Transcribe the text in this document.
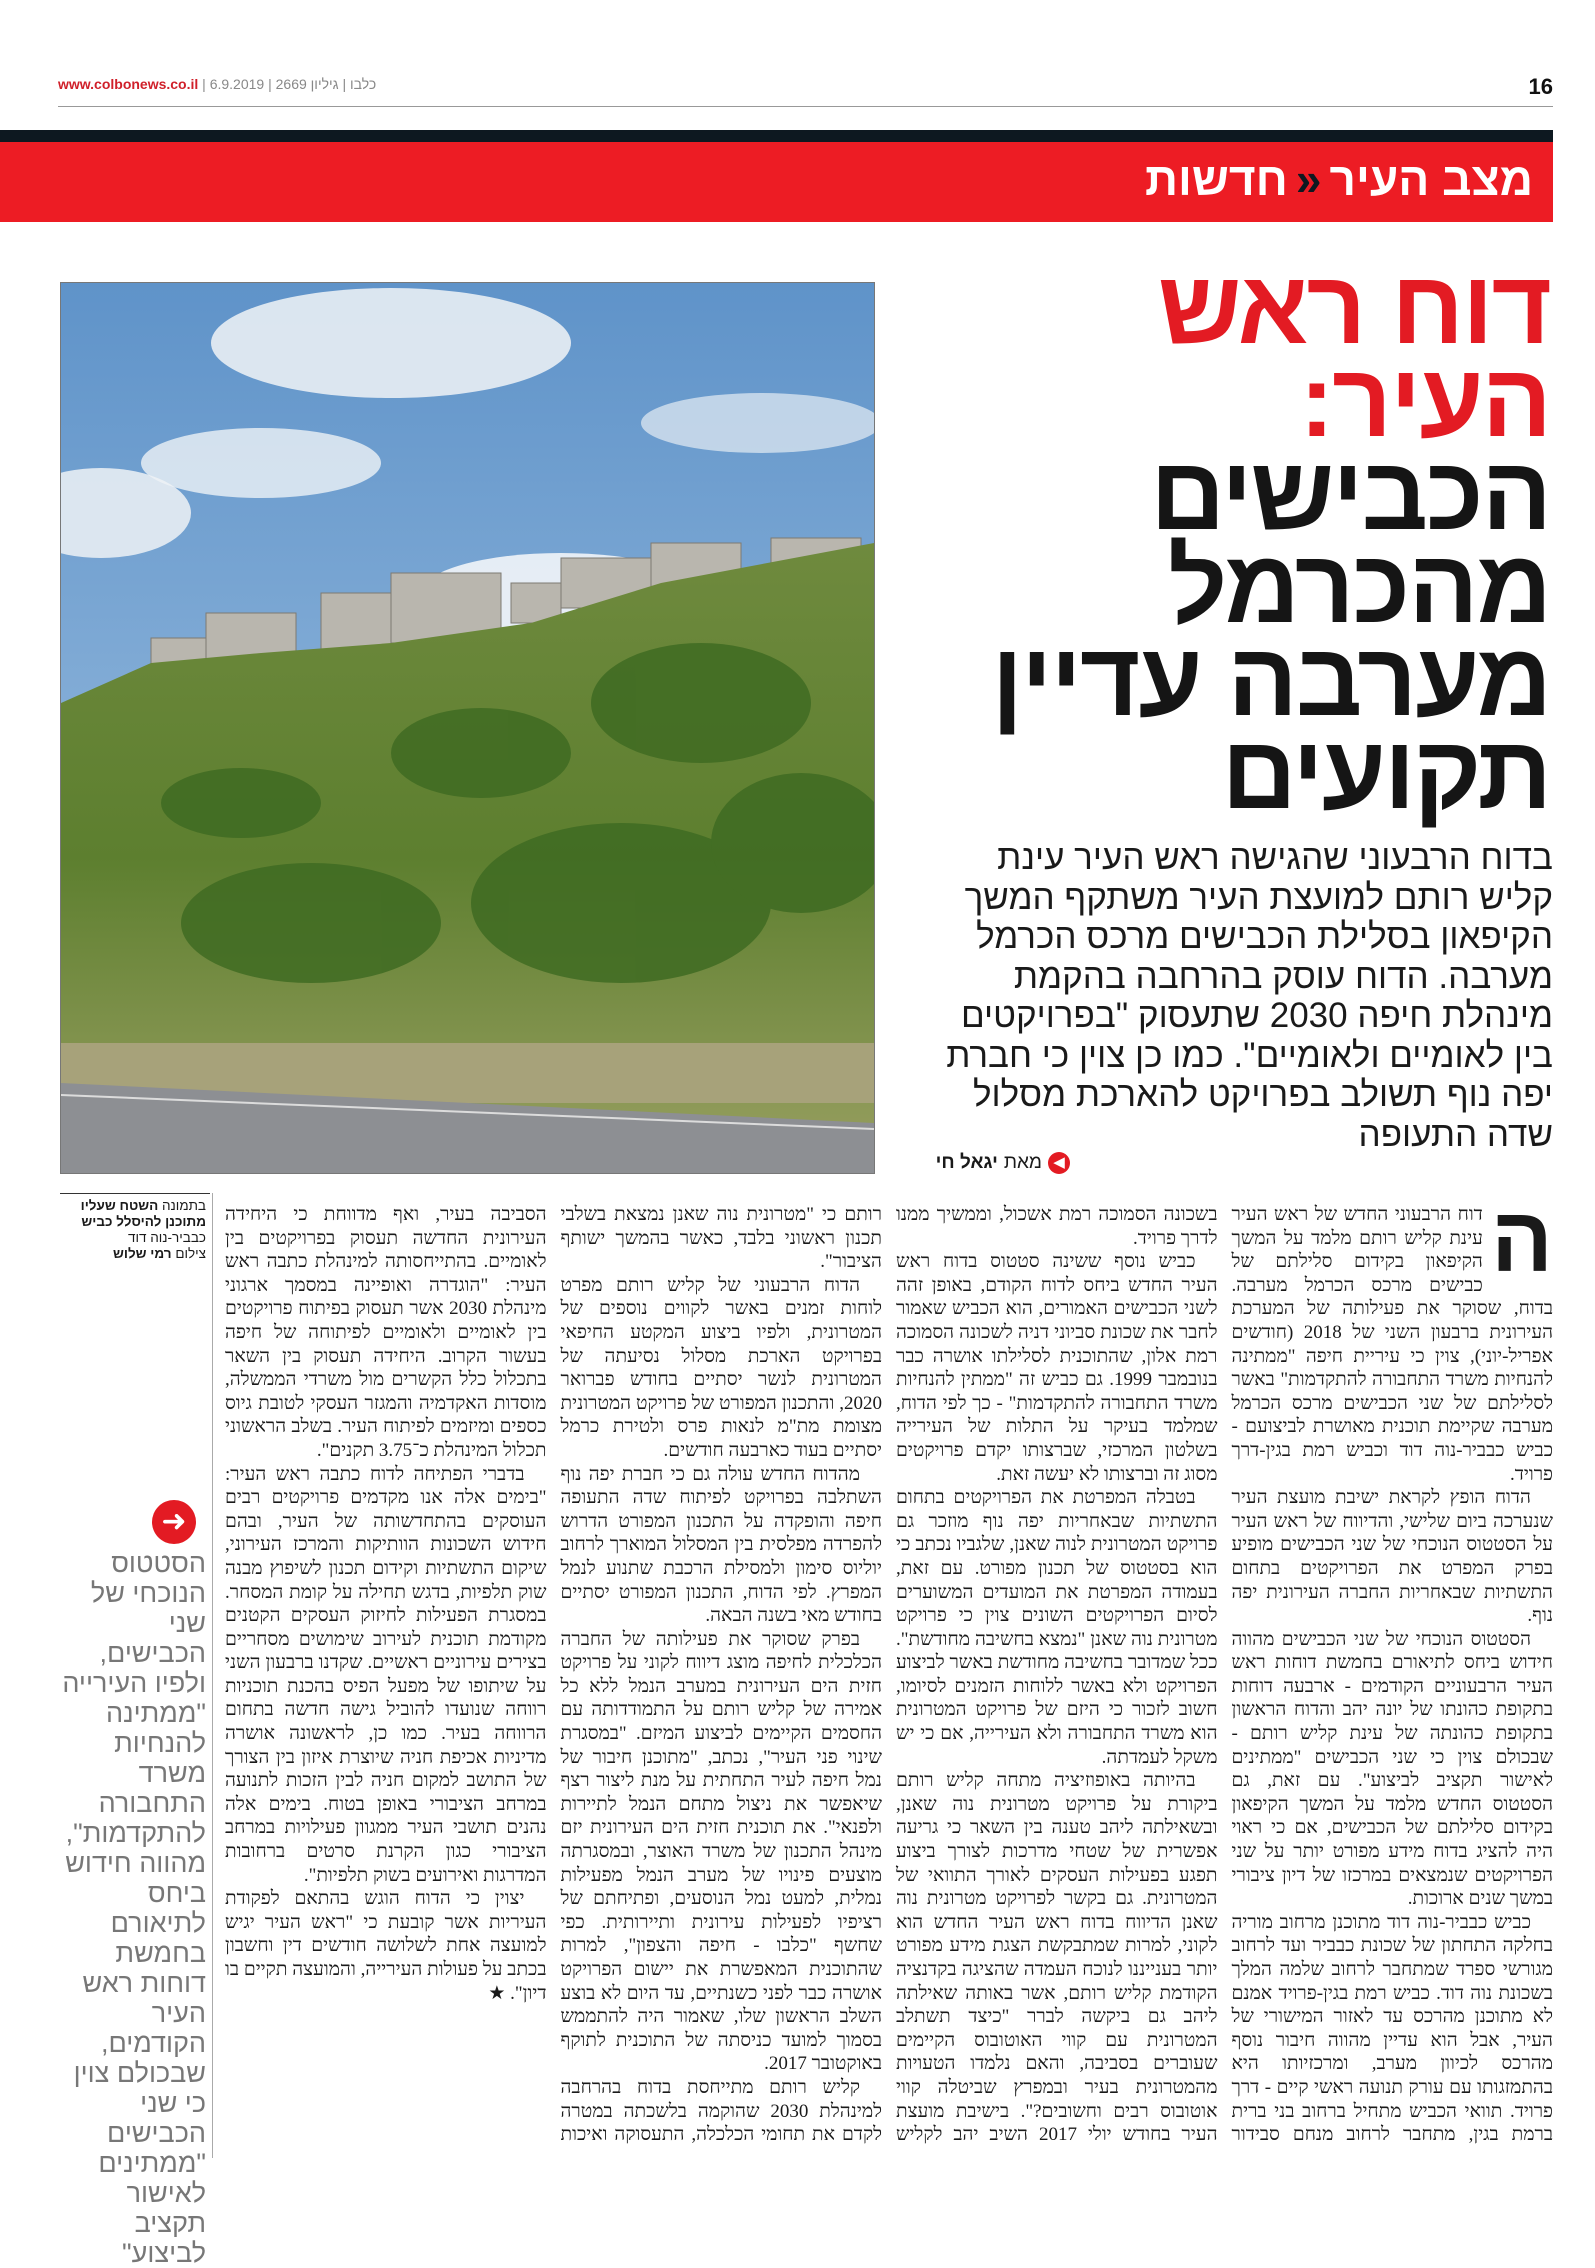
www.colbonews.co.il |	כלבו | גיליון 2669 | 6.9.2019	16
מצב העיר«חדשות
דוח ראש
העיר:
הכבישים
מהכרמל
מערבה עדיין
תקועים
בדוח הרבעוני שהגישה ראש העיר עינת קליש רותם למועצת העיר משתקף המשך הקיפאון בסלילת הכבישים מרכס הכרמל מערבה. הדוח עוסק בהרחבה בהקמת מינהלת חיפה 2030 שתעסוק "בפרויקטים בין לאומיים ולאומיים". כמו כן צוין כי חברת יפה נוף תשולב בפרויקט להארכת מסלול שדה התעופה
◀
מאת
יגאל חי

ה
דוח הרבעוני החדש של ראש העיר עינת קליש רותם מלמד על המשך הקיפאון בקידום סלילתם של כבישים מרכס הכרמל מערבה. בדוח, שסוקר את פעילותה של המערכת העירונית ברבעון השני של 2018 (חודשים אפריל-יוני), צוין כי עיריית חיפה "ממתינה להנחיות משרד התחבורה להתקדמות" באשר לסלילתם של שני הכבישים מרכס הכרמל מערבה שקיימת תוכנית מאושרת לביצועם - כביש כבביר-נוה דוד וכביש רמת בגין-דרך פרויד.

הדוח הופץ לקראת ישיבת מועצת העיר שנערכה ביום שלישי, והדיווח של ראש העיר על הסטטוס הנוכחי של שני הכבישים מופיע בפרק המפרט את הפרויקטים בתחום התשתיות שבאחריות החברה העירונית יפה נוף.

הסטטוס הנוכחי של שני הכבישים מהווה חידוש ביחס לתיאורם בחמשת דוחות ראש העיר הרבעוניים הקודמים - ארבעה דוחות בתקופת כהונתו של יונה יהב והדוח הראשון בתקופת כהונתה של עינת קליש רותם - שבכולם צוין כי שני הכבישים "ממתינים לאישור תקציב לביצוע". עם זאת, גם הסטטוס החדש מלמד על המשך הקיפאון בקידום סלילתם של הכבישים, אם כי ראוי היה להציג בדוח מידע מפורט יותר על שני הפרויקטים שנמצאים במרכזו של דיון ציבורי במשך שנים ארוכות.

כביש כבביר-נוה דוד מתוכנן מרחוב מוריה בחלקה התחתון של שכונת כבביר ועד לרחוב מגורשי ספרד שמתחבר לרחוב שלמה המלך בשכונת נוה דוד. כביש רמת בגין-פרויד אמנם לא מתוכנן מהרכס עד לאזור המישורי של העיר, אבל הוא עדיין מהווה חיבור נוסף מהרכס לכיוון מערב, ומרכזיותו היא בהתמזגותו עם עורק תנועה ראשי קיים - דרך פרויד. תוואי הכביש מתחיל ברחוב בני ברית ברמת בגין, מתחבר לרחוב מנחם סבידור בשכונה הסמוכה רמת אשכול, וממשיך ממנו לדרך פרויד.

כביש נוסף ששינה סטטוס בדוח ראש העיר החדש ביחס לדוח הקודם, באופן זהה לשני הכבישים האמורים, הוא הכביש שאמור לחבר את שכונת סביוני דניה לשכונה הסמוכה רמת אלון, שהתוכנית לסלילתו אושרה כבר בנובמבר 1999. גם כביש זה "ממתין להנחיות משרד התחבורה להתקדמות" - כך לפי הדוח, שמלמד בעיקר על התלות של העירייה בשלטון המרכזי, שברצותו יקדם פרויקטים מסוג זה וברצותו לא יעשה זאת.

בטבלה המפרטת את הפרויקטים בתחום התשתיות שבאחריות יפה נוף מוזכר גם פרויקט המטרונית לנוה שאנן, שלגביו נכתב כי הוא בסטטוס של תכנון מפורט. עם זאת, בעמודה המפרטת את המועדים המשוערים לסיום הפרויקטים השונים צוין כי פרויקט מטרונית נוה שאנן "נמצא בחשיבה מחודשת". ככל שמדובר בחשיבה מחודשת באשר לביצוע הפרויקט ולא באשר ללוחות הזמנים לסיומו, חשוב לזכור כי היזם של פרויקט המטרונית הוא משרד התחבורה ולא העירייה, אם כי יש משקל לעמדתה.

בהיותה באופוזיציה מתחה קליש רותם ביקורת על פרויקט מטרונית נוה שאנן, ובשאילתה ליהב טענה בין השאר כי גריעה אפשרית של שטחי מדרכות לצורך ביצוע תפגע בפעילות העסקים לאורך התוואי של המטרונית. גם בקשר לפרויקט מטרונית נוה שאנן הדיווח בדוח ראש העיר החדש הוא לקוני, למרות שמתבקשת הצגת מידע מפורט יותר בענייננו לנוכח העמדה שהציגה בקדנציה הקודמת קליש רותם, אשר באותה שאילתה ליהב גם ביקשה לברר "כיצד תשתלב המטרונית עם קווי האוטובוס הקיימים שעוברים בסביבה, והאם נלמדו הטעויות מהמטרונית בעיר ובמפרץ שביטלה קווי אוטובוס רבים וחשובים?". בישיבת מועצת העיר בחודש יולי 2017 השיב יהב לקליש רותם כי "מטרונית נוה שאנן נמצאת בשלבי תכנון ראשוני בלבד, כאשר בהמשך ישותף הציבור".

הדוח הרבעוני של קליש רותם מפרט לוחות זמנים באשר לקווים נוספים של המטרונית, ולפיו ביצוע המקטע החיפאי בפרויקט הארכת מסלול נסיעתה של המטרונית לנשר יסתיים בחודש פברואר 2020, והתכנון המפורט של פרויקט המטרונית מצומת מת"מ לנאות פרס ולטירת כרמל יסתיים בעוד כארבעה חודשים.

מהדוח החדש עולה גם כי חברת יפה נוף השתלבה בפרויקט לפיתוח שדה התעופה חיפה והופקדה על התכנון המפורט הדרוש להפרדה מפלסית בין המסלול המוארך לרחוב יוליוס סימון ולמסילת הרכבת שתנוע לנמל המפרץ. לפי הדוח, התכנון המפורט יסתיים בחודש מאי בשנה הבאה.

בפרק שסוקר את פעילותה של החברה הכלכלית לחיפה מוצג דיווח לקוני על פרויקט חזית הים העירונית במערב הנמל ללא כל אמירה של קליש רותם על התמודדותה עם החסמים הקיימים לביצוע המיזם. "במסגרת שינוי פני העיר", נכתב, "מתוכנן חיבור של נמל חיפה לעיר התחתית על מנת ליצור רצף שיאפשר את ניצול מתחם הנמל לתיירות ולפנאי". את תוכנית חזית הים העירונית יזם מינהל התכנון של משרד האוצר, ובמסגרתה מוצעים פינויו של מערב הנמל מפעילות נמלית, למעט נמל הנוסעים, ופתיחתם של רציפיו לפעילות עירונית ותיירותית. כפי שחשף "כלבו - חיפה והצפון", למרות שהתוכנית המאפשרת את יישום הפרויקט אושרה כבר לפני כשנתיים, עד היום לא בוצע השלב הראשון שלו, שאמור היה להתממש בסמוך למועד כניסתה של התוכנית לתוקף באוקטובר 2017.

קליש רותם מתייחסת בדוח בהרחבה למינהלת 2030 שהוקמה בלשכתה במטרה לקדם את תחומי הכלכלה, התעסוקה ואיכות הסביבה בעיר, ואף מדווחת כי היחידה העירונית החדשה תעסוק בפרויקטים בין לאומיים. בהתייחסותה למינהלת כתבה ראש העיר: "הוגדרה ואופיינה במסמך ארגוני מינהלת 2030 אשר תעסוק בפיתוח פרויקטים בין לאומיים ולאומיים לפיתוחה של חיפה בעשור הקרוב. היחידה תעסוק בין השאר בתכלול כלל הקשרים מול משרדי הממשלה, מוסדות האקדמיה והמגזר העסקי לטובת גיוס כספים ומיזמים לפיתוח העיר. בשלב הראשוני תכלול המינהלת כ־3.75 תקנים".

בדברי הפתיחה לדוח כתבה ראש העיר: "בימים אלה אנו מקדמים פרויקטים רבים העוסקים בהתחדשותה של העיר, ובהם חידוש השכונות הוותיקות והמרכז העירוני, שיקום התשתיות וקידום תכנון לשיפוץ מבנה שוק תלפיות, בדגש תחילה על קומת המסחר. במסגרת הפעילות לחיזוק העסקים הקטנים מקודמת תוכנית לעירוב שימושים מסחריים בצירים עירוניים ראשיים. שקדנו ברבעון השני על שיתופו של מפעל הפיס בהכנת תוכניות רווחה שנועדו להוביל גישה חדשה בתחום הרווחה בעיר. כמו כן, לראשונה אושרה מדיניות אכיפת חניה שיוצרת איזון בין הצורך של התושב למקום חניה לבין הזכות לתנועה במרחב הציבורי באופן בטוח. בימים אלה נהנים תושבי העיר ממגוון פעילויות במרחב הציבורי כגון הקרנת סרטים ברחובות המדרגות ואירועים בשוק תלפיות".

יצוין כי הדוח הוגש בהתאם לפקודת העיריות אשר קובעת כי "ראש העיר יגיש למועצה אחת לשלושה חודשים דין וחשבון בכתב על פעולות העירייה, והמועצה תקיים בו דיון". ★

בתמונה השטח שעליו מתוכנן להיסלל כביש כבביר-נוה דוד
צילום רמי שלוש
➜
הסטטוס הנוכחי של שני הכבישים, ולפיו העירייה "ממתינה להנחיות משרד התחבורה להתקדמות", מהווה חידוש ביחס לתיאורם בחמשת דוחות ראש העיר הקודמים, שבכולם צוין כי שני הכבישים "ממתינים לאישור תקציב לביצוע"
